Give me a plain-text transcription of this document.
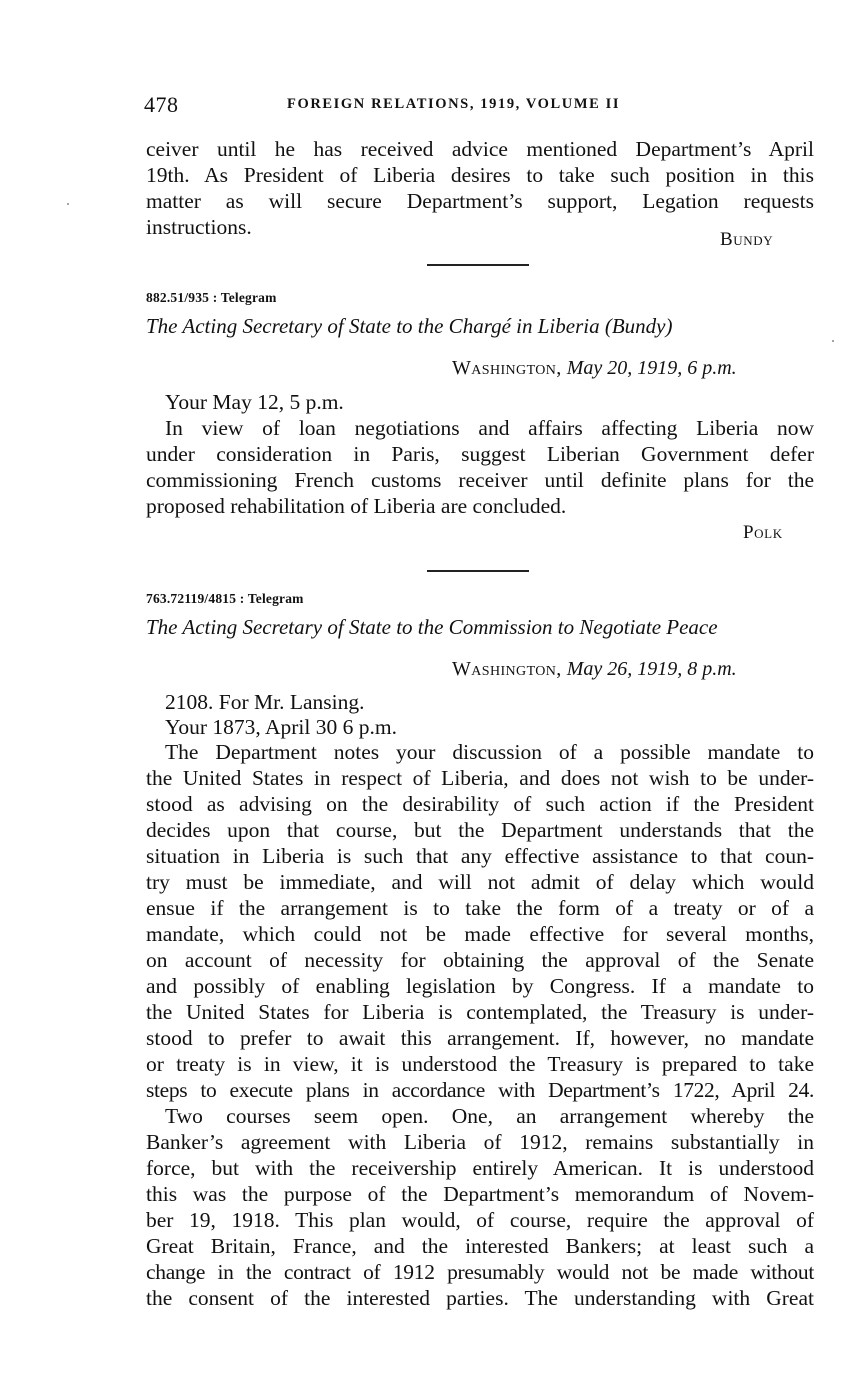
478	FOREIGN RELATIONS, 1919, VOLUME II
ceiver until he has received advice mentioned Department’s April
19th. As President of Liberia desires to take such position in this
matter as will secure Department’s support, Legation requests
instructions.
Bundy
882.51/935 : Telegram
The Acting Secretary of State to the Chargé in Liberia (Bundy)
Washington, May 20, 1919, 6 p.m.
Your May 12, 5 p.m.
In view of loan negotiations and affairs affecting Liberia now
under consideration in Paris, suggest Liberian Government defer
commissioning French customs receiver until definite plans for the
proposed rehabilitation of Liberia are concluded.
Polk
763.72119/4815 : Telegram
The Acting Secretary of State to the Commission to Negotiate Peace
Washington, May 26, 1919, 8 p.m.
2108. For Mr. Lansing.
Your 1873, April 30 6 p.m.
The Department notes your discussion of a possible mandate to
the United States in respect of Liberia, and does not wish to be under-
stood as advising on the desirability of such action if the President
decides upon that course, but the Department understands that the
situation in Liberia is such that any effective assistance to that coun-
try must be immediate, and will not admit of delay which would
ensue if the arrangement is to take the form of a treaty or of a
mandate, which could not be made effective for several months,
on account of necessity for obtaining the approval of the Senate
and possibly of enabling legislation by Congress. If a mandate to
the United States for Liberia is contemplated, the Treasury is under-
stood to prefer to await this arrangement. If, however, no mandate
or treaty is in view, it is understood the Treasury is prepared to take
steps to execute plans in accordance with Department’s 1722, April 24.
Two courses seem open. One, an arrangement whereby the
Banker’s agreement with Liberia of 1912, remains substantially in
force, but with the receivership entirely American. It is understood
this was the purpose of the Department’s memorandum of Novem-
ber 19, 1918. This plan would, of course, require the approval of
Great Britain, France, and the interested Bankers; at least such a
change in the contract of 1912 presumably would not be made without
the consent of the interested parties. The understanding with Great
